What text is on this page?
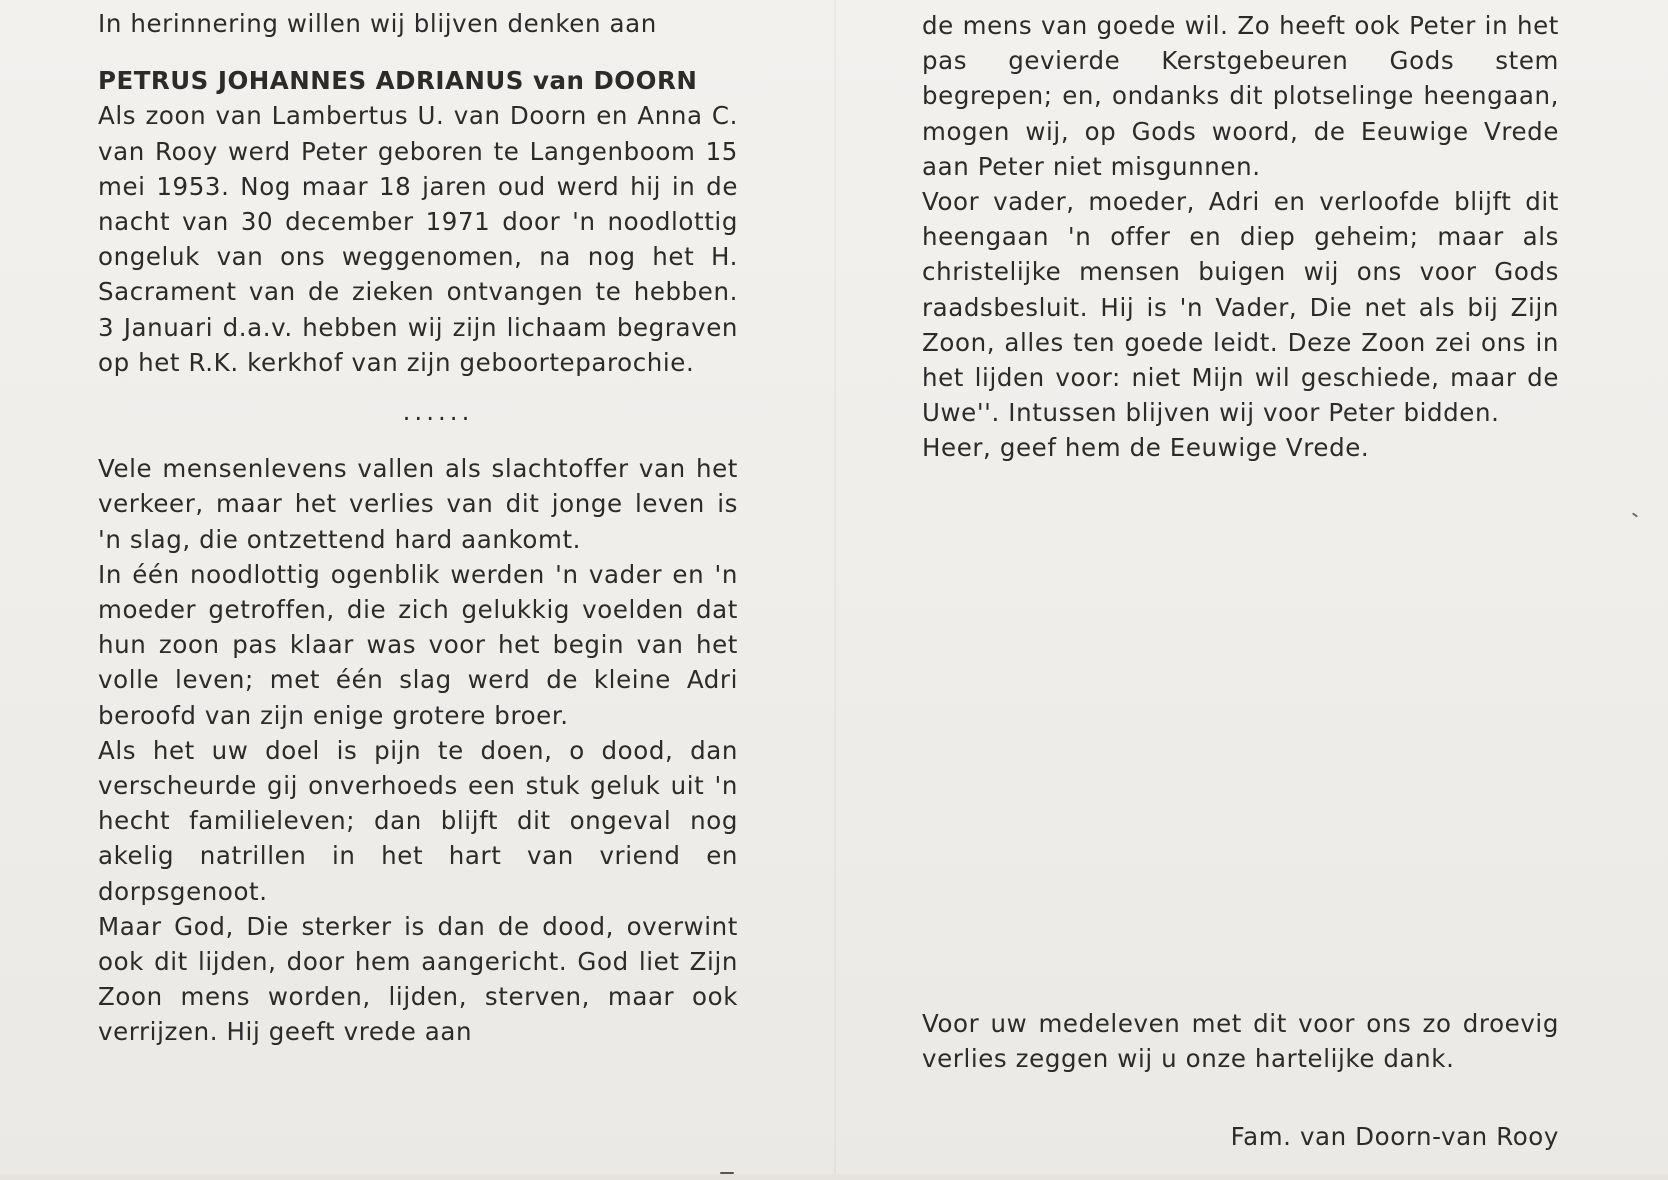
In herinnering willen wij blijven denken aan

PETRUS JOHANNES ADRIANUS van DOORN

Als zoon van Lambertus U. van Doorn en Anna C. van Rooy werd Peter geboren te Langenboom 15 mei 1953. Nog maar 18 jaren oud werd hij in de nacht van 30 december 1971 door 'n noodlottig ongeluk van ons weggenomen, na nog het H. Sacrament van de zieken ontvangen te hebben. 3 Januari d.a.v. hebben wij zijn lichaam begraven op het R.K. kerkhof van zijn geboorteparochie.

......

Vele mensenlevens vallen als slachtoffer van het verkeer, maar het verlies van dit jonge leven is 'n slag, die ontzettend hard aankomt.

In één noodlottig ogenblik werden 'n vader en 'n moeder getroffen, die zich gelukkig voelden dat hun zoon pas klaar was voor het begin van het volle leven; met één slag werd de kleine Adri beroofd van zijn enige grotere broer.

Als het uw doel is pijn te doen, o dood, dan verscheurde gij onverhoeds een stuk geluk uit 'n hecht familieleven; dan blijft dit ongeval nog akelig natrillen in het hart van vriend en dorpsgenoot.

Maar God, Die sterker is dan de dood, overwint ook dit lijden, door hem aangericht. God liet Zijn Zoon mens worden, lijden, sterven, maar ook verrijzen. Hij geeft vrede aan

de mens van goede wil. Zo heeft ook Peter in het pas gevierde Kerstgebeuren Gods stem begrepen; en, ondanks dit plotselinge heengaan, mogen wij, op Gods woord, de Eeuwige Vrede aan Peter niet misgunnen.

Voor vader, moeder, Adri en verloofde blijft dit heengaan 'n offer en diep geheim; maar als christelijke mensen buigen wij ons voor Gods raadsbesluit. Hij is 'n Vader, Die net als bij Zijn Zoon, alles ten goede leidt. Deze Zoon zei ons in het lijden voor: niet Mijn wil geschiede, maar de Uwe''. Intussen blijven wij voor Peter bidden.

Heer, geef hem de Eeuwige Vrede.

Voor uw medeleven met dit voor ons zo droevig verlies zeggen wij u onze hartelijke dank.

Fam. van Doorn-van Rooy
